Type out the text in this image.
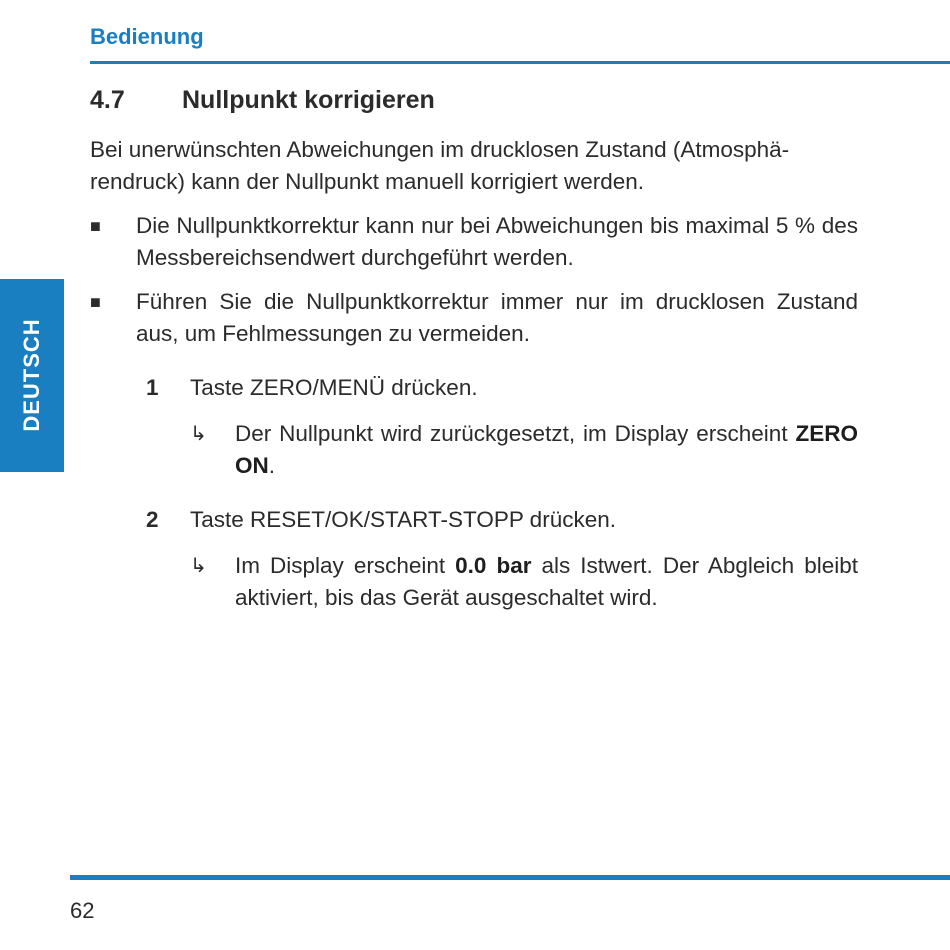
Bedienung
DEUTSCH
4.7 Nullpunkt korrigieren

Bei unerwünschten Abweichungen im drucklosen Zustand (Atmosphärendruck) kann der Nullpunkt manuell korrigiert werden.

■ Die Nullpunktkorrektur kann nur bei Abweichungen bis maximal 5 % des Messbereichsendwert durchgeführt werden.
■ Führen Sie die Nullpunktkorrektur immer nur im drucklosen Zustand aus, um Fehlmessungen zu vermeiden.
1 Taste ZERO/MENÜ drücken.
↳ Der Nullpunkt wird zurückgesetzt, im Display erscheint ZERO ON.
2 Taste RESET/OK/START-STOPP drücken.
↳ Im Display erscheint 0.0 bar als Istwert. Der Abgleich bleibt aktiviert, bis das Gerät ausgeschaltet wird.
62
